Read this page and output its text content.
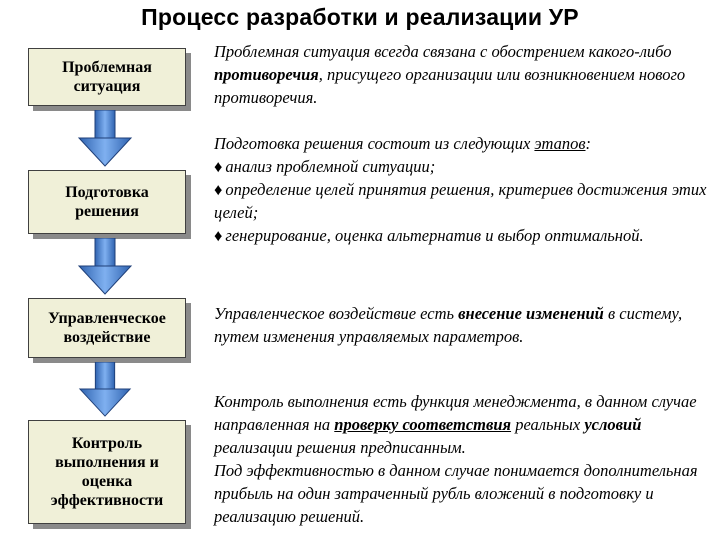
Процесс разработки и реализации УР
Проблемная
ситуация
Подготовка
решения
Управленческое
воздействие
Контроль
выполнения и
оценка
эффективности

Проблемная ситуация всегда связана с обострением какого-либо противоречия, присущего организации или возникновением нового противоречия.

Подготовка решения состоит из следующих этапов:

♦ анализ проблемной ситуации;

♦ определение целей принятия решения, критериев достижения этих целей;

♦ генерирование, оценка альтернатив и выбор оптимальной.

Управленческое воздействие есть внесение изменений в систему, путем изменения управляемых параметров.

Контроль выполнения есть функция менеджмента, в данном случае направленная на проверку соответствия реальных условий реализации решения предписанным.

Под эффективностью в данном случае понимается дополнительная прибыль на один затраченный рубль вложений в подготовку и реализацию решений.
